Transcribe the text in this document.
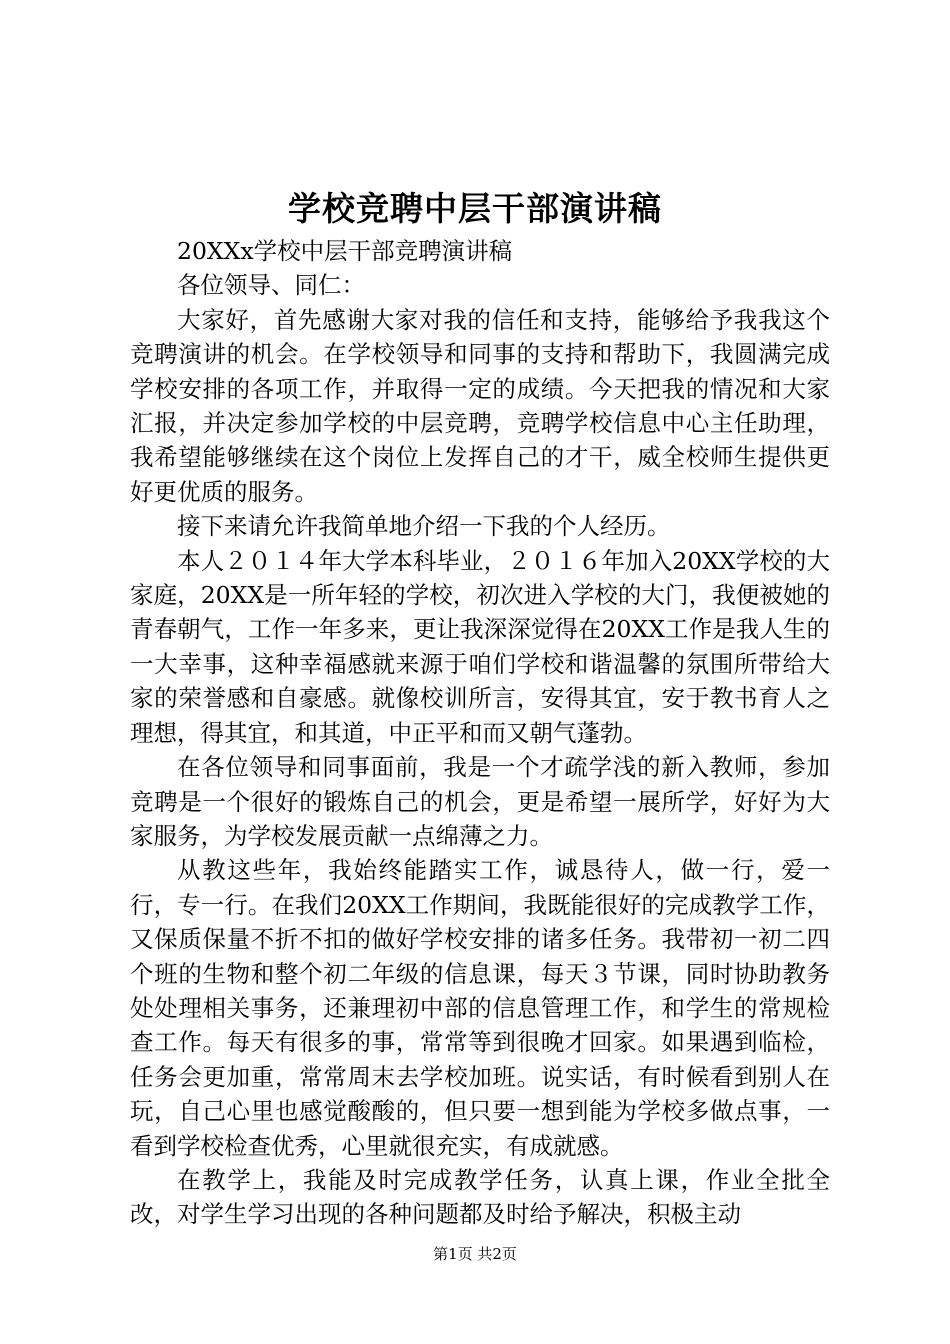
学校竞聘中层干部演讲稿

20XXx学校中层干部竞聘演讲稿

各位领导、同仁：

大家好，首先感谢大家对我的信任和支持，能够给予我我这个竞聘演讲的机会。在学校领导和同事的支持和帮助下，我圆满完成学校安排的各项工作，并取得一定的成绩。今天把我的情况和大家汇报，并决定参加学校的中层竞聘，竞聘学校信息中心主任助理，我希望能够继续在这个岗位上发挥自己的才干，威全校师生提供更好更优质的服务。

接下来请允许我简单地介绍一下我的个人经历。

本人２０１４年大学本科毕业，２０１６年加入20XX学校的大家庭，20XX是一所年轻的学校，初次进入学校的大门，我便被她的青春朝气，工作一年多来，更让我深深觉得在20XX工作是我人生的一大幸事，这种幸福感就来源于咱们学校和谐温馨的氛围所带给大家的荣誉感和自豪感。就像校训所言，安得其宜，安于教书育人之理想，得其宜，和其道，中正平和而又朝气蓬勃。

在各位领导和同事面前，我是一个才疏学浅的新入教师，参加竞聘是一个很好的锻炼自己的机会，更是希望一展所学，好好为大家服务，为学校发展贡献一点绵薄之力。

从教这些年，我始终能踏实工作，诚恳待人，做一行，爱一行，专一行。在我们20XX工作期间，我既能很好的完成教学工作，又保质保量不折不扣的做好学校安排的诸多任务。我带初一初二四个班的生物和整个初二年级的信息课，每天３节课，同时协助教务处处理相关事务，还兼理初中部的信息管理工作，和学生的常规检查工作。每天有很多的事，常常等到很晚才回家。如果遇到临检，任务会更加重，常常周末去学校加班。说实话，有时候看到别人在玩，自己心里也感觉酸酸的，但只要一想到能为学校多做点事，一看到学校检查优秀，心里就很充实，有成就感。

在教学上，我能及时完成教学任务，认真上课，作业全批全改，对学生学习出现的各种问题都及时给予解决，积极主动

第1页 共2页
